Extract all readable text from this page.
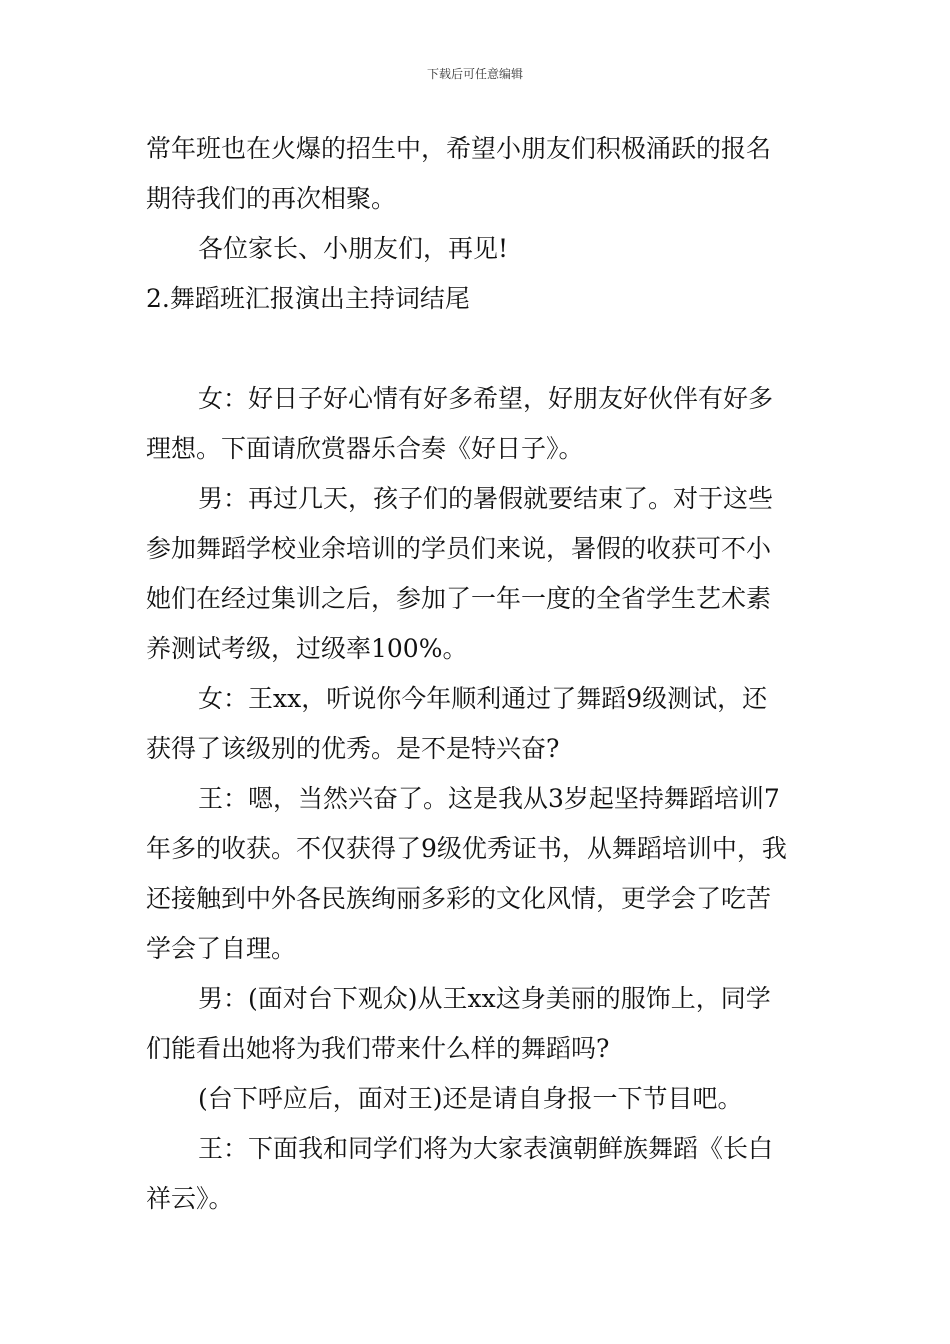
下载后可任意编辑
常年班也在火爆的招生中，希望小朋友们积极涌跃的报名
期待我们的再次相聚。
各位家长、小朋友们，再见!
2.舞蹈班汇报演出主持词结尾
女：好日子好心情有好多希望，好朋友好伙伴有好多
理想。下面请欣赏器乐合奏《好日子》。
男：再过几天，孩子们的暑假就要结束了。对于这些
参加舞蹈学校业余培训的学员们来说，暑假的收获可不小
她们在经过集训之后，参加了一年一度的全省学生艺术素
养测试考级，过级率100%。
女：王xx，听说你今年顺利通过了舞蹈9级测试，还
获得了该级别的优秀。是不是特兴奋?
王：嗯，当然兴奋了。这是我从3岁起坚持舞蹈培训7
年多的收获。不仅获得了9级优秀证书，从舞蹈培训中，我
还接触到中外各民族绚丽多彩的文化风情，更学会了吃苦
学会了自理。
男：(面对台下观众)从王xx这身美丽的服饰上，同学
们能看出她将为我们带来什么样的舞蹈吗?
(台下呼应后，面对王)还是请自身报一下节目吧。
王：下面我和同学们将为大家表演朝鲜族舞蹈《长白
祥云》。
